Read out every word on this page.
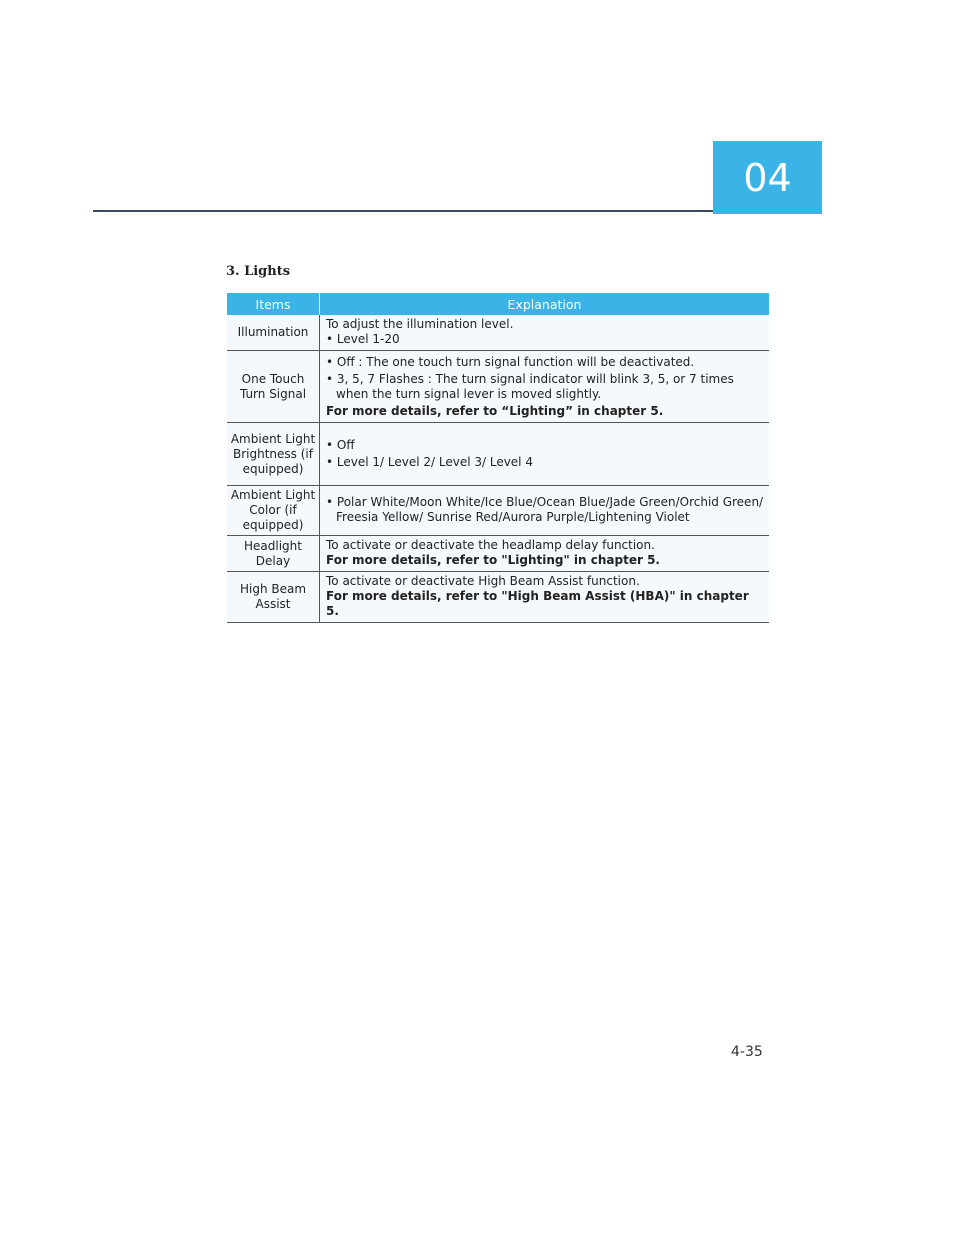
04
3. Lights
Items	Explanation
Illumination	To adjust the illumination level.
• Level 1-20

One Touch Turn Signal	• Off : The one touch turn signal function will be deactivated.
• 3, 5, 7 Flashes : The turn signal indicator will blink 3, 5, or 7 times when the turn signal lever is moved slightly.
For more details, refer to “Lighting” in chapter 5.

Ambient Light Brightness (if equipped)	• Off
• Level 1/ Level 2/ Level 3/ Level 4

Ambient Light Color (if equipped)	• Polar White/Moon White/Ice Blue/Ocean Blue/Jade Green/Orchid Green/ Freesia Yellow/ Sunrise Red/Aurora Purple/Lightening Violet

Headlight Delay	To activate or deactivate the headlamp delay function.
For more details, refer to "Lighting" in chapter 5.

High Beam Assist	To activate or deactivate High Beam Assist function.
For more details, refer to "High Beam Assist (HBA)" in chapter 5.
4-35
